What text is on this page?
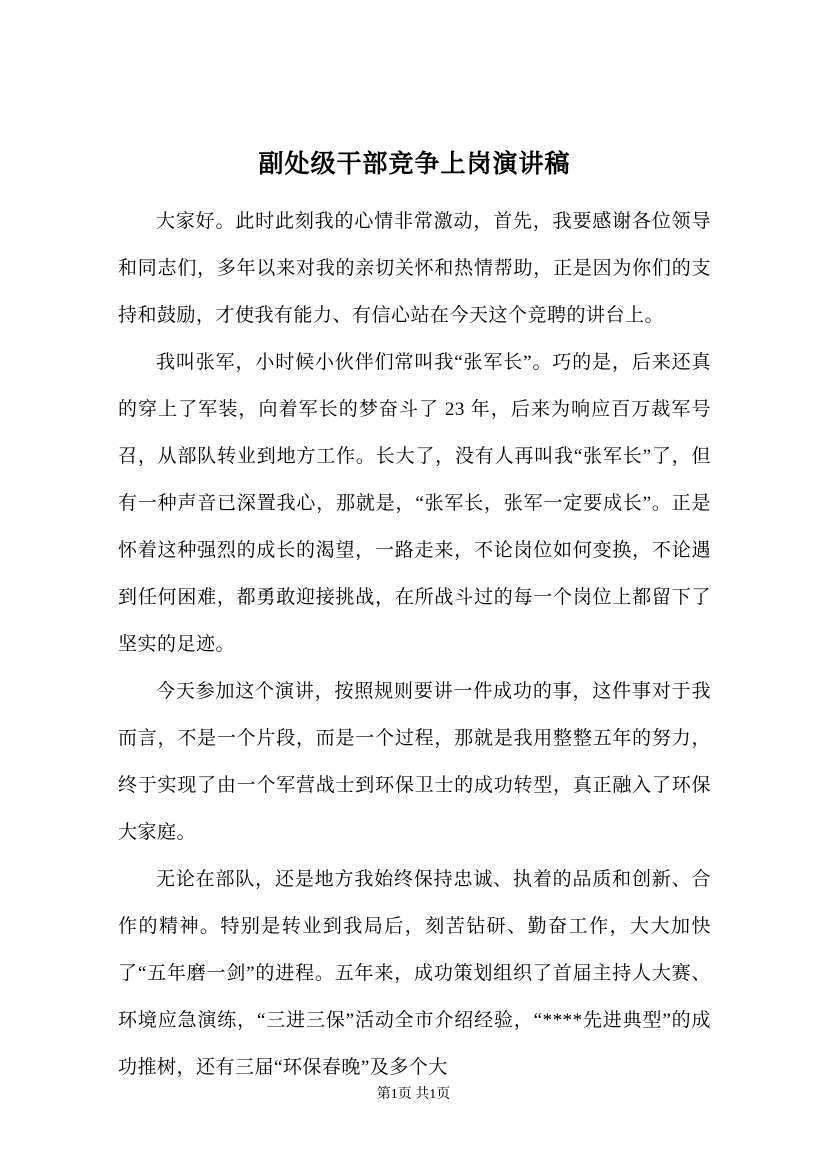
副处级干部竞争上岗演讲稿

大家好。此时此刻我的心情非常激动，首先，我要感谢各位领导和同志们，多年以来对我的亲切关怀和热情帮助，正是因为你们的支持和鼓励，才使我有能力、有信心站在今天这个竞聘的讲台上。

我叫张军，小时候小伙伴们常叫我“张军长”。巧的是，后来还真的穿上了军装，向着军长的梦奋斗了 23 年，后来为响应百万裁军号召，从部队转业到地方工作。长大了，没有人再叫我“张军长”了，但有一种声音已深置我心，那就是，“张军长，张军一定要成长”。正是怀着这种强烈的成长的渴望，一路走来，不论岗位如何变换，不论遇到任何困难，都勇敢迎接挑战，在所战斗过的每一个岗位上都留下了坚实的足迹。

今天参加这个演讲，按照规则要讲一件成功的事，这件事对于我而言，不是一个片段，而是一个过程，那就是我用整整五年的努力，终于实现了由一个军营战士到环保卫士的成功转型，真正融入了环保大家庭。

无论在部队，还是地方我始终保持忠诚、执着的品质和创新、合作的精神。特别是转业到我局后，刻苦钻研、勤奋工作，大大加快了“五年磨一剑”的进程。五年来，成功策划组织了首届主持人大赛、环境应急演练，“三进三保”活动全市介绍经验，“****先进典型”的成功推树，还有三届“环保春晚”及多个大

第1页 共1页
